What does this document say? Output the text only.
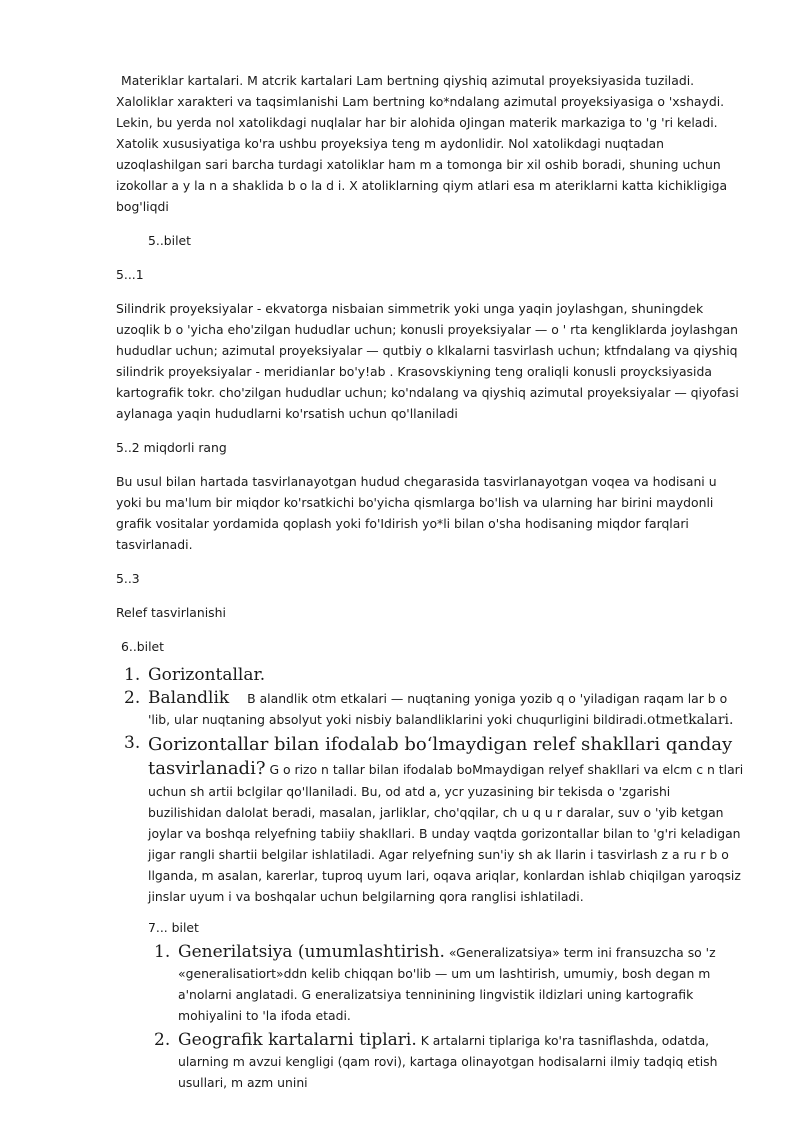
Materiklar kartalari. M atcrik kartalari Lam bertning qiyshiq azimutal proyeksiyasida tuziladi. Xaloliklar xarakteri va taqsimlanishi Lam bertning ko*ndalang azimutal proyeksiyasiga o 'xshaydi. Lekin, bu yerda nol xatolikdagi nuqlalar har bir alohida oJingan materik markaziga to 'g 'ri keladi. Xatolik xususiyatiga ko'ra ushbu proyeksiya teng m aydonlidir. Nol xatolikdagi nuqtadan uzoqlashilgan sari barcha turdagi xatoliklar ham m a tomonga bir xil oshib boradi, shuning uchun izokollar a y la n a shaklida b o la d i. X atoliklarning qiym atlari esa m ateriklarni katta kichikligiga bog'liqdi

5..bilet

5...1

Silindrik proyeksiyalar - ekvatorga nisbaian simmetrik yoki unga yaqin joylashgan, shuningdek uzoqlik b o 'yicha eho'zilgan hududlar uchun; konusli proyeksiyalar — o ' rta kengliklarda joylashgan hududlar uchun; azimutal proyeksiyalar — qutbiy o klkalarni tasvirlash uchun; ktfndalang va qiyshiq silindrik proyeksiyalar - meridianlar bo'y!ab . Krasovskiyning teng oraliqli konusli proycksiyasida kartografik tokr. cho'zilgan hududlar uchun; ko'ndalang va qiyshiq azimutal proyeksiyalar — qiyofasi aylanaga yaqin hududlarni ko'rsatish uchun qo'llaniladi

5..2 miqdorli rang

Bu usul bilan hartada tasvirlanayotgan hudud chegarasida tasvirlanayotgan voqea va hodisani u yoki bu ma'lum bir miqdor ko'rsatkichi bo'yicha qismlarga bo'lish va ularning har birini maydonli grafik vositalar yordamida qoplash yoki fo'Idirish yo*li bilan o'sha hodisaning miqdor farqlari tasvirlanadi.

5..3

Relef tasvirlanishi

6..bilet

1. Gorizontallar.
2. Balandlik B alandlik otm etkalari — nuqtaning yoniga yozib q o 'yiladigan raqam lar b o 'lib, ular nuqtaning absolyut yoki nisbiy balandliklarini yoki chuqurligini bildiradi.otmetkalari.
3. Gorizontallar bilan ifodalab bo‘lmaydigan relef shakllari qanday tasvirlanadi? G o rizo n tallar bilan ifodalab boMmaydigan relyef shakllari va elcm c n tlari uchun sh artii bclgilar qo'llaniladi. Bu, od atd a, ycr yuzasining bir tekisda o 'zgarishi buzilishidan dalolat beradi, masalan, jarliklar, cho'qqilar, ch u q u r daralar, suv o 'yib ketgan joylar va boshqa relyefning tabiiy shakllari. B unday vaqtda gorizontallar bilan to 'g'ri keladigan jigar rangli shartii belgilar ishlatiladi. Agar relyefning sun'iy sh ak llarin i tasvirlash z a ru r b o llganda, m asalan, karerlar, tuproq uyum lari, oqava ariqlar, konlardan ishlab chiqilgan yaroqsiz jinslar uyum i va boshqalar uchun belgilarning qora ranglisi ishlatiladi.

7... bilet

1. Generilatsiya (umumlashtirish. «Generalizatsiya» term ini fransuzcha so 'z «generalisatiort»ddn kelib chiqqan bo'lib — um um lashtirish, umumiy, bosh degan m a'nolarni anglatadi. G eneralizatsiya tenninining lingvistik ildizlari uning kartografik mohiyalini to 'la ifoda etadi.
2. Geografik kartalarni tiplari. K artalarni tiplariga ko'ra tasniflashda, odatda, ularning m avzui kengligi (qam rovi), kartaga olinayotgan hodisalarni ilmiy tadqiq etish usullari, m azm unini
